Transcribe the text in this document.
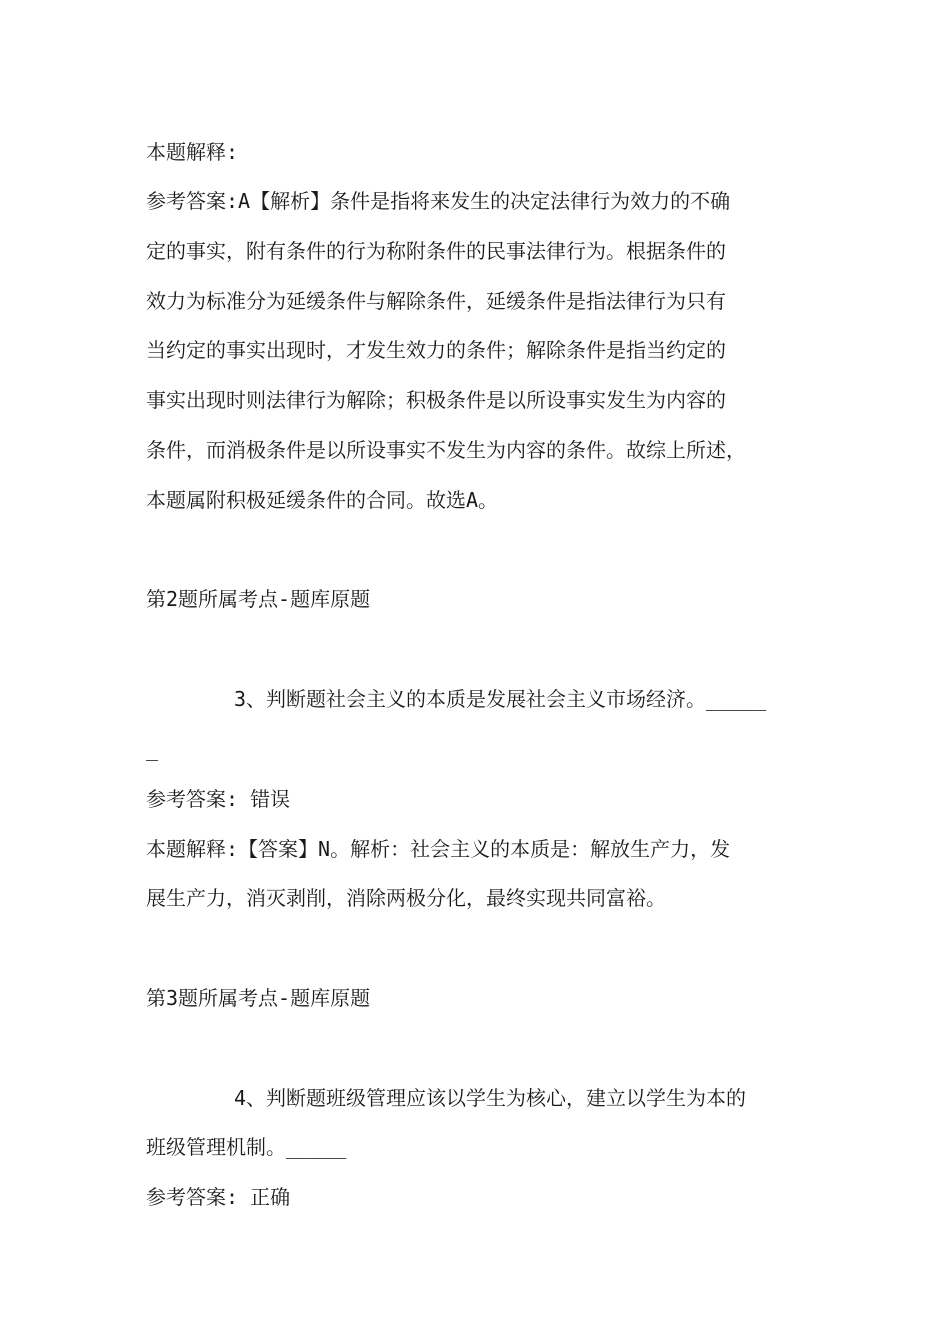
本题解释:
参考答案:A【解析】条件是指将来发生的决定法律行为效力的不确
定的事实，附有条件的行为称附条件的民事法律行为。根据条件的
效力为标准分为延缓条件与解除条件，延缓条件是指法律行为只有
当约定的事实出现时，才发生效力的条件；解除条件是指当约定的
事实出现时则法律行为解除；积极条件是以所设事实发生为内容的
条件，而消极条件是以所设事实不发生为内容的条件。故综上所述，
本题属附积极延缓条件的合同。故选A。
第2题所属考点-题库原题
3、判断题社会主义的本质是发展社会主义市场经济。_____
_
参考答案: 错误
本题解释:【答案】N。解析：社会主义的本质是：解放生产力，发
展生产力，消灭剥削，消除两极分化，最终实现共同富裕。
第3题所属考点-题库原题
4、判断题班级管理应该以学生为核心，建立以学生为本的
班级管理机制。_____
参考答案: 正确
